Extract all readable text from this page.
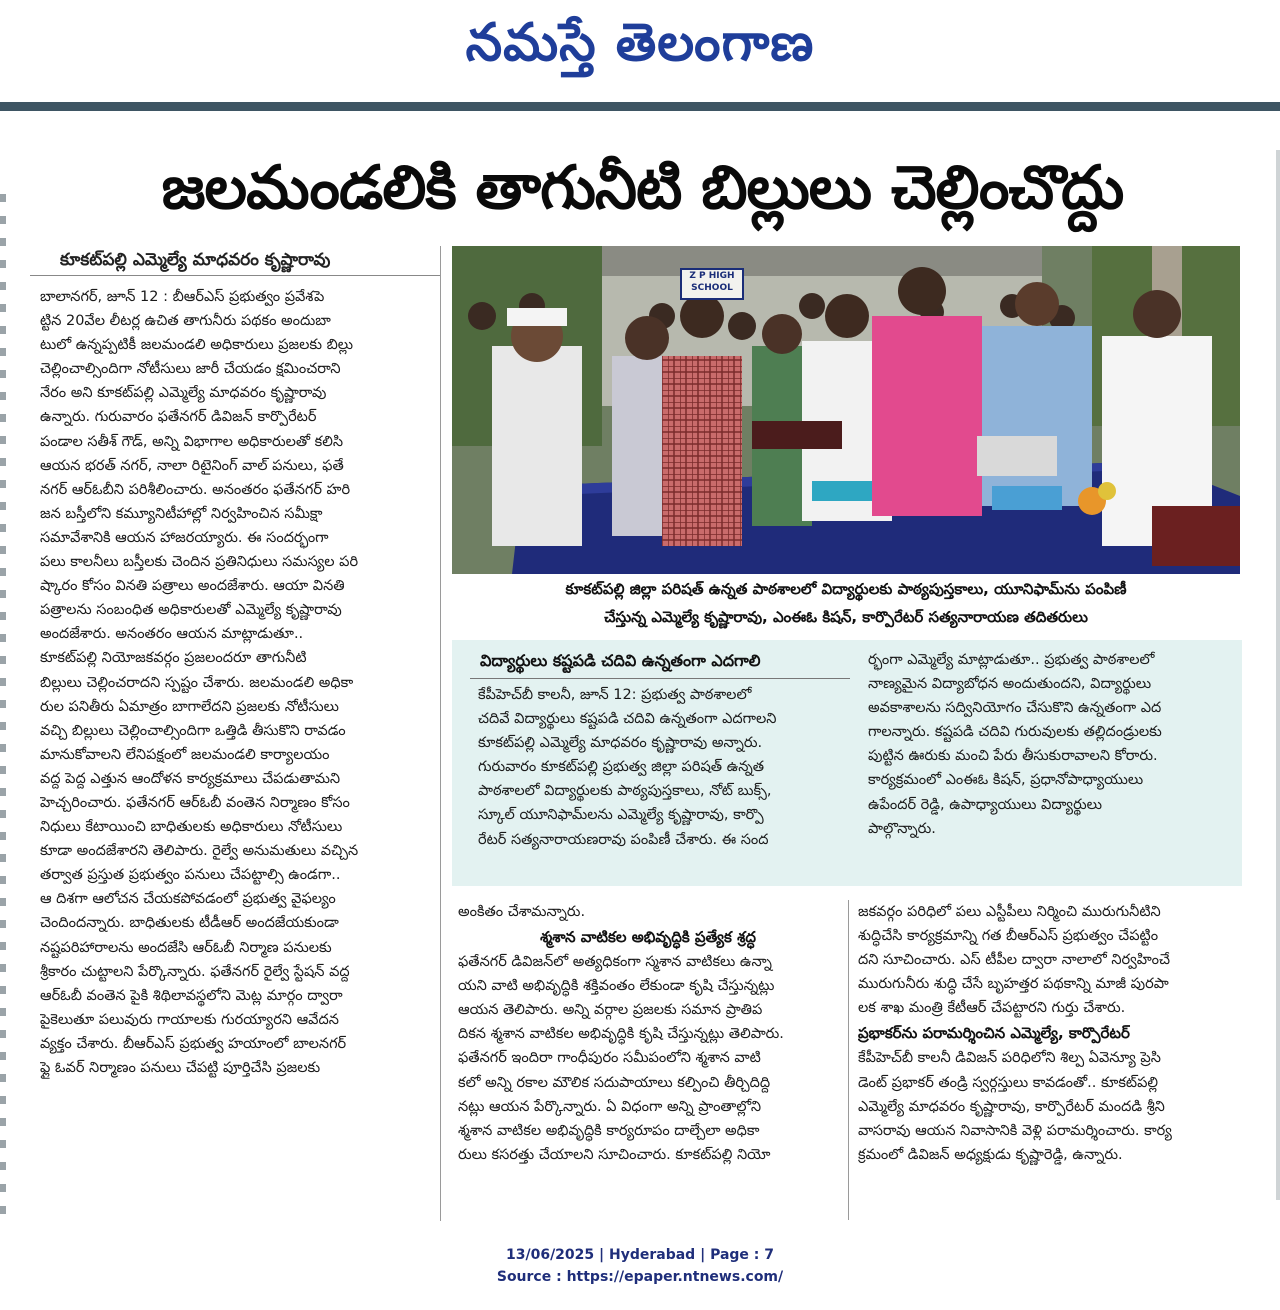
నమస్తే తెలంగాణ
జలమండలికి తాగునీటి బిల్లులు చెల్లించొద్దు
కూకట్‌పల్లి ఎమ్మెల్యే మాధవరం కృష్ణారావు

బాలానగర్, జూన్ 12 : బీఆర్ఎస్ ప్రభుత్వం ప్రవేశపె

ట్టిన 20వేల లీటర్ల ఉచిత తాగునీరు పథకం అందుబా

టులో ఉన్నప్పటికీ జలమండలి అధికారులు ప్రజలకు బిల్లు

చెల్లించాల్సిందిగా నోటీసులు జారీ చేయడం క్షమించరాని

నేరం అని కూకట్‌పల్లి ఎమ్మెల్యే మాధవరం కృష్ణారావు

ఉన్నారు. గురువారం ఫతేనగర్ డివిజన్ కార్పొరేటర్

పండాల సతీశ్ గౌడ్, అన్ని విభాగాల అధికారులతో కలిసి

ఆయన భరత్ నగర్, నాలా రిటైనింగ్ వాల్ పనులు, ఫతే

నగర్ ఆర్‌ఓబీని పరిశీలించారు. అనంతరం ఫతేనగర్ హరి

జన బస్తీలోని కమ్యూనిటీహాల్లో నిర్వహించిన సమీక్షా

సమావేశానికి ఆయన హాజరయ్యారు. ఈ సందర్భంగా

పలు కాలనీలు బస్తీలకు చెందిన ప్రతినిధులు సమస్యల పరి

ష్కారం కోసం వినతి పత్రాలు అందజేశారు. ఆయా వినతి

పత్రాలను సంబంధిత అధికారులతో ఎమ్మెల్యే కృష్ణారావు

అందజేశారు. అనంతరం ఆయన మాట్లాడుతూ..

కూకట్‌పల్లి నియోజకవర్గం ప్రజలందరూ తాగునీటి

బిల్లులు చెల్లించరాదని స్పష్టం చేశారు. జలమండలి అధికా

రుల పనితీరు ఏమాత్రం బాగాలేదని ప్రజలకు నోటీసులు

వచ్చి బిల్లులు చెల్లించాల్సిందిగా ఒత్తిడి తీసుకొని రావడం

మానుకోవాలని లేనిపక్షంలో జలమండలి కార్యాలయం

వద్ద పెద్ద ఎత్తున ఆందోళన కార్యక్రమాలు చేపడుతామని

హెచ్చరించారు. ఫతేనగర్ ఆర్‌ఓబీ వంతెన నిర్మాణం కోసం

నిధులు కేటాయించి బాధితులకు అధికారులు నోటీసులు

కూడా అందజేశారని తెలిపారు. రైల్వే అనుమతులు వచ్చిన

తర్వాత ప్రస్తుత ప్రభుత్వం పనులు చేపట్టాల్సి ఉండగా..

ఆ దిశగా ఆలోచన చేయకపోవడంలో ప్రభుత్వ వైఫల్యం

చెందిందన్నారు. బాధితులకు టీడీఆర్ అందజేయకుండా

నష్టపరిహారాలను అందజేసి ఆర్‌ఓబీ నిర్మాణ పనులకు

శ్రీకారం చుట్టాలని పేర్కొన్నారు. ఫతేనగర్ రైల్వే స్టేషన్ వద్ద

ఆర్‌ఓబీ వంతెన పైకి శిథిలావస్థలోని మెట్ల మార్గం ద్వారా

పైకెలుతూ పలువురు గాయాలకు గురయ్యారని ఆవేదన

వ్యక్తం చేశారు. బీఆర్ఎస్ ప్రభుత్వ హయాంలో బాలనగర్

ఫ్లై ఓవర్ నిర్మాణం పనులు చేపట్టి పూర్తిచేసి ప్రజలకు

Z P HIGH SCHOOL
కూకట్‌పల్లి జిల్లా పరిషత్ ఉన్నత పాఠశాలలో విద్యార్థులకు పాఠ్యపుస్తకాలు, యూనిఫామ్‌ను పంపిణీ
చేస్తున్న ఎమ్మెల్యే కృష్ణారావు, ఎంఈఓ కిషన్, కార్పొరేటర్ సత్యనారాయణ తదితరులు
విద్యార్థులు కష్టపడి చదివి ఉన్నతంగా ఎదగాలి

కేపీహెచ్‌బీ కాలనీ, జూన్ 12: ప్రభుత్వ పాఠశాలలో

చదివే విద్యార్థులు కష్టపడి చదివి ఉన్నతంగా ఎదగాలని

కూకట్‌పల్లి ఎమ్మెల్యే మాధవరం కృష్ణారావు అన్నారు.

గురువారం కూకట్‌పల్లి ప్రభుత్వ జిల్లా పరిషత్ ఉన్నత

పాఠశాలలో విద్యార్థులకు పాఠ్యపుస్తకాలు, నోట్ బుక్స్,

స్కూల్ యూనిఫామ్‌లను ఎమ్మెల్యే కృష్ణారావు, కార్పొ

రేటర్ సత్యనారాయణరావు పంపిణీ చేశారు. ఈ సంద

ర్భంగా ఎమ్మెల్యే మాట్లాడుతూ.. ప్రభుత్వ పాఠశాలలో

నాణ్యమైన విద్యాబోధన అందుతుందని, విద్యార్థులు

అవకాశాలను సద్వినియోగం చేసుకొని ఉన్నతంగా ఎద

గాలన్నారు. కష్టపడి చదివి గురువులకు తల్లిదండ్రులకు

పుట్టిన ఊరుకు మంచి పేరు తీసుకురావాలని కోరారు.

కార్యక్రమంలో ఎంఈఓ కిషన్, ప్రధానోపాధ్యాయులు

ఉపేందర్ రెడ్డి, ఉపాధ్యాయులు విద్యార్థులు

పాల్గొన్నారు.

అంకితం చేశామన్నారు.

శ్మశాన వాటికల అభివృద్ధికి ప్రత్యేక శ్రద్ధ

ఫతేనగర్ డివిజన్‌లో అత్యధికంగా స్మశాన వాటికలు ఉన్నా

యని వాటి అభివృద్ధికి శక్తివంతం లేకుండా కృషి చేస్తున్నట్లు

ఆయన తెలిపారు. అన్ని వర్గాల ప్రజలకు సమాన ప్రాతిప

దికన శ్మశాన వాటికల అభివృద్ధికి కృషి చేస్తున్నట్లు తెలిపారు.

ఫతేనగర్ ఇందిరా గాంధీపురం సమీపంలోని శ్మశాన వాటి

కలో అన్ని రకాల మౌలిక సదుపాయాలు కల్పించి తీర్చిదిద్ది

నట్లు ఆయన పేర్కొన్నారు. ఏ విధంగా అన్ని ప్రాంతాల్లోని

శ్మశాన వాటికల అభివృద్ధికి కార్యరూపం దాల్చేలా అధికా

రులు కసరత్తు చేయాలని సూచించారు. కూకట్‌పల్లి నియో

జకవర్గం పరిధిలో పలు ఎస్టీపీలు నిర్మించి మురుగునీటిని

శుద్ధిచేసి కార్యక్రమాన్ని గత బీఆర్ఎస్ ప్రభుత్వం చేపట్టిం

దని సూచించారు. ఎస్ టీపీల ద్వారా నాలాలో నిర్వహించే

మురుగునీరు శుద్ధి చేసే బృహత్తర పథకాన్ని మాజీ పురపా

లక శాఖ మంత్రి కేటీఆర్ చేపట్టారని గుర్తు చేశారు.

ప్రభాకర్‌ను పరామర్శించిన ఎమ్మెల్యే, కార్పొరేటర్

కేపీహెచ్‌బీ కాలనీ డివిజన్ పరిధిలోని శిల్ప ఏవెన్యూ ప్రెసి

డెంట్ ప్రభాకర్ తండ్రి స్వర్గస్తులు కావడంతో.. కూకట్‌పల్లి

ఎమ్మెల్యే మాధవరం కృష్ణారావు, కార్పొరేటర్ మందడి శ్రీని

వాసరావు ఆయన నివాసానికి వెళ్లి పరామర్శించారు. కార్య

క్రమంలో డివిజన్ అధ్యక్షుడు కృష్ణారెడ్డి, ఉన్నారు.

13/06/2025 | Hyderabad | Page : 7
Source : https://epaper.ntnews.com/
